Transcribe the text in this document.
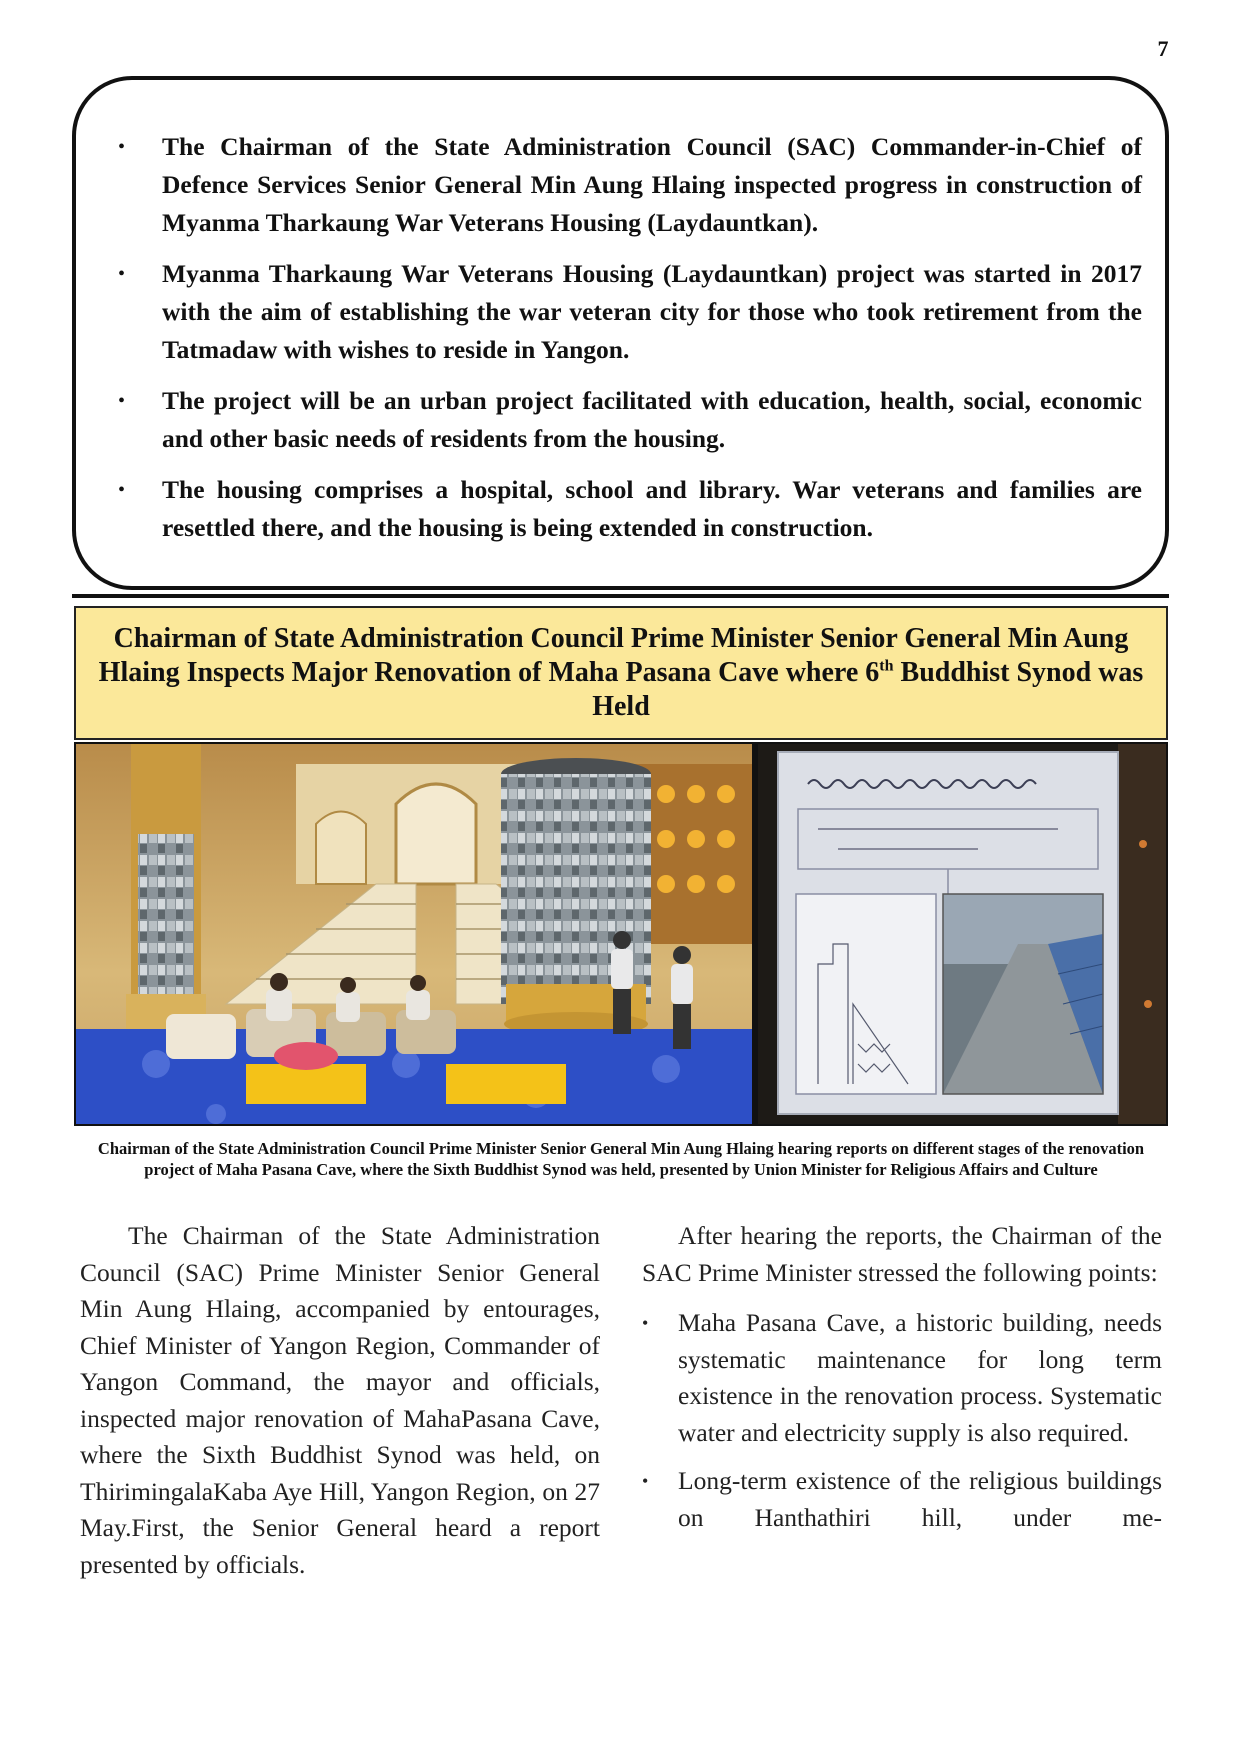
7
• The Chairman of the State Administration Council (SAC) Commander-in-Chief of Defence Services Senior General Min Aung Hlaing inspected progress in construction of Myanma Tharkaung War Veterans Housing (Laydauntkan).
• Myanma Tharkaung War Veterans Housing (Laydauntkan) project was started in 2017 with the aim of establishing the war veteran city for those who took retirement from the Tatmadaw with wishes to reside in Yangon.
• The project will be an urban project facilitated with education, health, social, economic and other basic needs of residents from the housing.
• The housing comprises a hospital, school and library. War veterans and families are resettled there, and the housing is being extended in construction.
Chairman of State Administration Council Prime Minister Senior General Min Aung Hlaing Inspects Major Renovation of Maha Pasana Cave where 6th Buddhist Synod was Held
Chairman of the State Administration Council Prime Minister Senior General Min Aung Hlaing hearing reports on different stages of the renovation project of Maha Pasana Cave, where the Sixth Buddhist Synod was held, presented by Union Minister for Religious Affairs and Culture

The Chairman of the State Administration Council (SAC) Prime Minister Senior General Min Aung Hlaing, accompanied by entourages, Chief Minister of Yangon Region, Commander of Yangon Command, the mayor and officials, inspected major renovation of MahaPasana Cave, where the Sixth Buddhist Synod was held, on ThirimingalaKaba Aye Hill, Yangon Region, on 27 May.First, the Senior General heard a report presented by officials.

After hearing the reports, the Chairman of the SAC Prime Minister stressed the following points:

• Maha Pasana Cave, a historic building, needs systematic maintenance for long term existence in the renovation process. Systematic water and electricity supply is also required.
• Long-term existence of the religious buildings on Hanthathiri hill, under me-
